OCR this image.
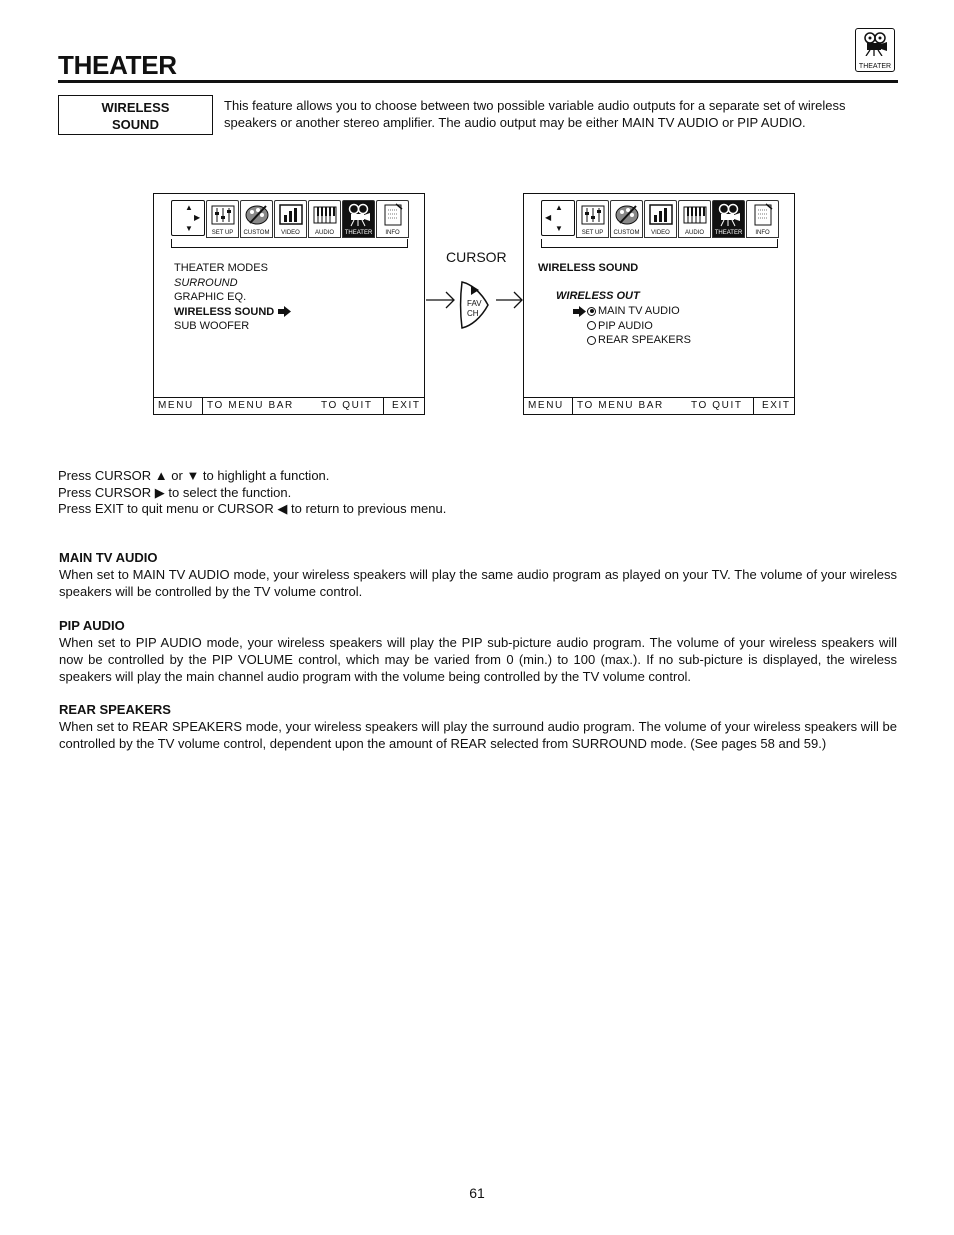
THEATER	THEATER
WIRELESS
SOUND
This feature allows you to choose between two possible variable audio outputs for a separate set of wireless speakers or another stereo amplifier. The audio output may be either MAIN TV AUDIO or PIP AUDIO.
▲
▶
▼	SET UP	CUSTOM	VIDEO	AUDIO	THEATER	INFO
THEATER MODES
SURROUND
GRAPHIC EQ.
WIRELESS SOUND
SUB WOOFER
MENU	TO MENU BAR	TO QUIT	EXIT
CURSOR
FAV
CH
▲
◀
▼	SET UP	CUSTOM	VIDEO	AUDIO	THEATER	INFO
WIRELESS SOUND
WIRELESS OUT
MAIN TV AUDIO
PIP AUDIO
REAR SPEAKERS
MENU	TO MENU BAR	TO QUIT	EXIT
Press CURSOR ▲ or ▼ to highlight a function.
Press CURSOR ▶ to select the function.
Press EXIT to quit menu or CURSOR ◀ to return to previous menu.
MAIN TV AUDIO
When set to MAIN TV AUDIO mode, your wireless speakers will play the same audio program as played on your TV. The volume of your wireless speakers will be controlled by the TV volume control.
PIP AUDIO
When set to PIP AUDIO mode, your wireless speakers will play the PIP sub-picture audio program. The volume of your wireless speakers will now be controlled by the PIP VOLUME control, which may be varied from 0 (min.) to 100 (max.). If no sub-picture is displayed, the wireless speakers will play the main channel audio program with the volume being controlled by the TV volume control.
REAR SPEAKERS
When set to REAR SPEAKERS mode, your wireless speakers will play the surround audio program. The volume of your wireless speakers will be controlled by the TV volume control, dependent upon the amount of REAR selected from SURROUND mode. (See pages 58 and 59.)
61
